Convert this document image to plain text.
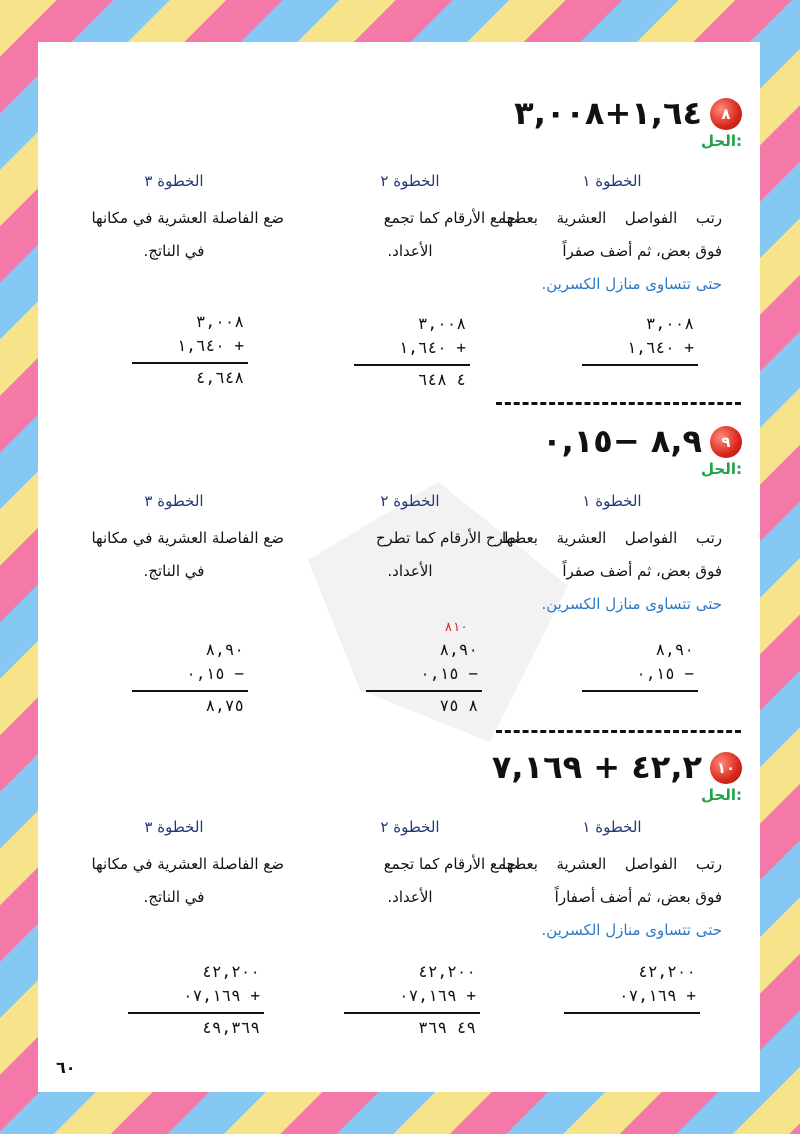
١,٦٤+٣,٠٠٨	٨
الحل:
الخطوة ١
رتب الفواصل العشرية بعضها
فوق بعض، ثم أضف صفراً
حتى تتساوى منازل الكسرين.
الخطوة ٢
اجمع الأرقام كما تجمع
الأعداد.
الخطوة ٣
ضع الفاصلة العشرية في مكانها
في الناتج.
٣,٠٠٨
١,٦٤٠ +
٣,٠٠٨
١,٦٤٠ +
٤ ٦٤٨
٣,٠٠٨
١,٦٤٠ +
٤,٦٤٨
٨,٩ −٠,١٥	٩
الحل:
الخطوة ١
رتب الفواصل العشرية بعضها
فوق بعض، ثم أضف صفراً
حتى تتساوى منازل الكسرين.
الخطوة ٢
اطرح الأرقام كما تطرح
الأعداد.
الخطوة ٣
ضع الفاصلة العشرية في مكانها
في الناتج.
٨,٩٠
٠,١٥ −
٨١٠
٨,٩٠
٠,١٥ −
٨ ٧٥
٨,٩٠
٠,١٥ −
٨,٧٥
٤٢,٢ + ٧,١٦٩ ١٠
الحل:
الخطوة ١
رتب الفواصل العشرية بعضها
فوق بعض، ثم أضف أصفاراً
حتى تتساوى منازل الكسرين.
الخطوة ٢
اجمع الأرقام كما تجمع
الأعداد.
الخطوة ٣
ضع الفاصلة العشرية في مكانها
في الناتج.
٤٢,٢٠٠
٠٧,١٦٩ +
٤٢,٢٠٠
٠٧,١٦٩ +
٤٩ ٣٦٩
٤٢,٢٠٠
٠٧,١٦٩ +
٤٩,٣٦٩
٦٠
